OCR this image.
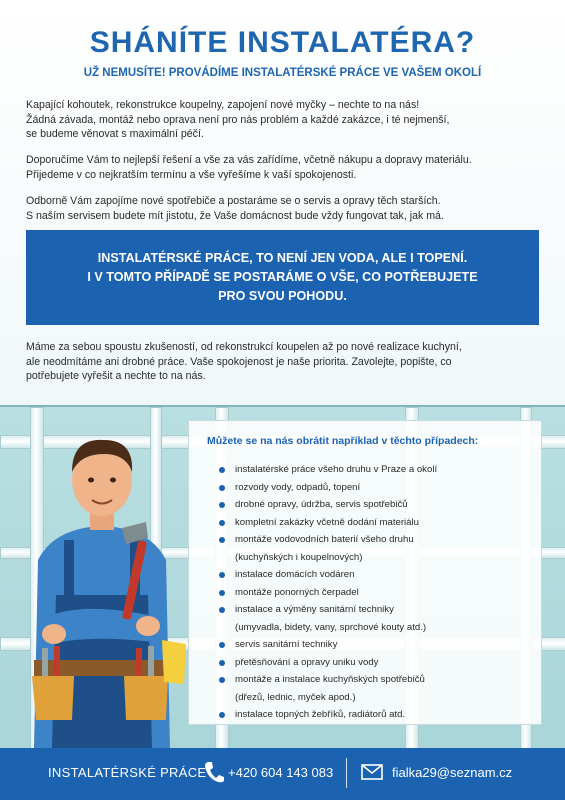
SHÁNÍTE INSTALATÉRA?
UŽ NEMUSÍTE! PROVÁDÍME INSTALATÉRSKÉ PRÁCE VE VAŠEM OKOLÍ
Kapající kohoutek, rekonstrukce koupelny, zapojení nové myčky – nechte to na nás!
Žádná závada, montáž nebo oprava není pro nás problém a každé zakázce, i té nejmenší,
se budeme věnovat s maximální péčí.
Doporučíme Vám to nejlepší řešení a vše za vás zařídíme, včetně nákupu a dopravy materiálu.
Přijedeme v co nejkratším termínu a vše vyřešíme k vaší spokojenosti.
Odborně Vám zapojíme nové spotřebiče a postaráme se o servis a opravy těch starších.
S naším servisem budete mít jistotu, že Vaše domácnost bude vždy fungovat tak, jak má.
INSTALATÉRSKÉ PRÁCE, TO NENÍ JEN VODA, ALE I TOPENÍ.
I V TOMTO PŘÍPADĚ SE POSTARÁME O VŠE, CO POTŘEBUJETE
PRO SVOU POHODU.
Máme za sebou spoustu zkušeností, od rekonstrukcí koupelen až po nové realizace kuchyní,
ale neodmítáme ani drobné práce. Vaše spokojenost je naše priorita. Zavolejte, popište, co
potřebujete vyřešit a nechte to na nás.
Můžete se na nás obrátit například v těchto případech:
instalatérské práce všeho druhu v Praze a okolí
rozvody vody, odpadů, topení
drobné opravy, údržba, servis spotřebičů
kompletní zakázky včetně dodání materiálu
montáže vodovodních baterií všeho druhu
(kuchyňských i koupelnových)
instalace domácích vodáren
montáže ponorných čerpadel
instalace a výměny sanitární techniky
(umyvadla, bidety, vany, sprchové kouty atd.)
servis sanitární techniky
přetěsňování a opravy uniku vody
montáže a instalace kuchyňských spotřebičů
(dřezů, lednic, myček apod.)
instalace topných žebříků, radiátorů atd.
INSTALATÉRSKÉ PRÁCE +420 604 143 083	fialka29@seznam.cz
